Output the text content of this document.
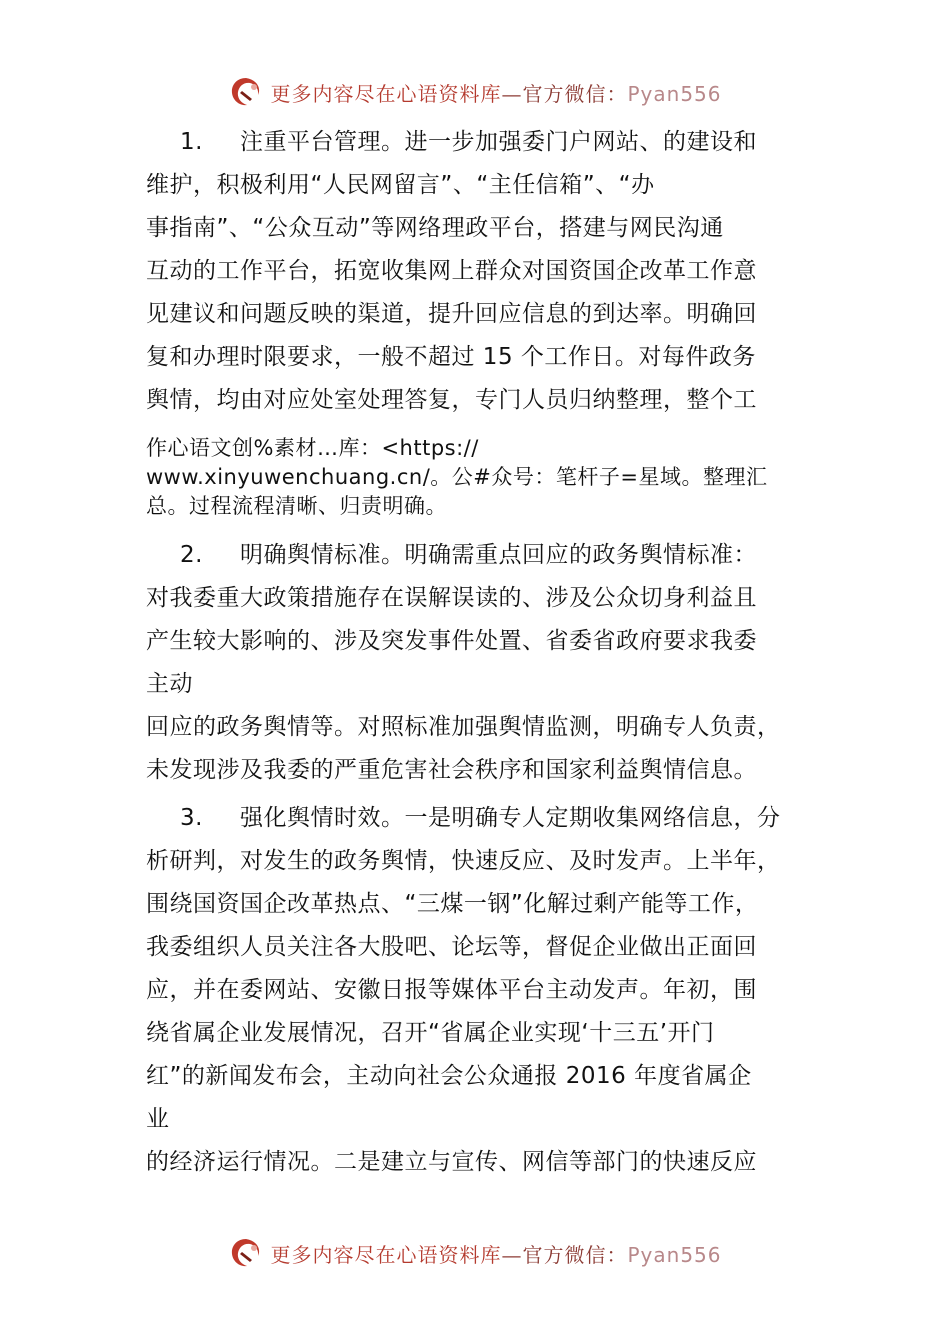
更多内容尽在心语资料库—官方微信：Pyan556
1. 注重平台管理。进一步加强委门户网站、的建设和
维护，积极利用“人民网留言”、“主任信箱”、“办
事指南”、“公众互动”等网络理政平台，搭建与网民沟通
互动的工作平台，拓宽收集网上群众对国资国企改革工作意
见建议和问题反映的渠道，提升回应信息的到达率。明确回
复和办理时限要求，一般不超过 15 个工作日。对每件政务
舆情，均由对应处室处理答复，专门人员归纳整理，整个工
作心语文创%素材…库：<https://
www.xinyuwenchuang.cn/。公#众号：笔杆子=星域。整理汇
总。过程流程清晰、归责明确。
2. 明确舆情标准。明确需重点回应的政务舆情标准：
对我委重大政策措施存在误解误读的、涉及公众切身利益且
产生较大影响的、涉及突发事件处置、省委省政府要求我委
主动
回应的政务舆情等。对照标准加强舆情监测，明确专人负责，
未发现涉及我委的严重危害社会秩序和国家利益舆情信息。
3. 强化舆情时效。一是明确专人定期收集网络信息，分
析研判，对发生的政务舆情，快速反应、及时发声。上半年，
围绕国资国企改革热点、“三煤一钢”化解过剩产能等工作，
我委组织人员关注各大股吧、论坛等，督促企业做出正面回
应，并在委网站、安徽日报等媒体平台主动发声。年初，围
绕省属企业发展情况，召开“省属企业实现‘十三五’开门
红”的新闻发布会，主动向社会公众通报 2016 年度省属企
业
的经济运行情况。二是建立与宣传、网信等部门的快速反应
更多内容尽在心语资料库—官方微信：Pyan556
